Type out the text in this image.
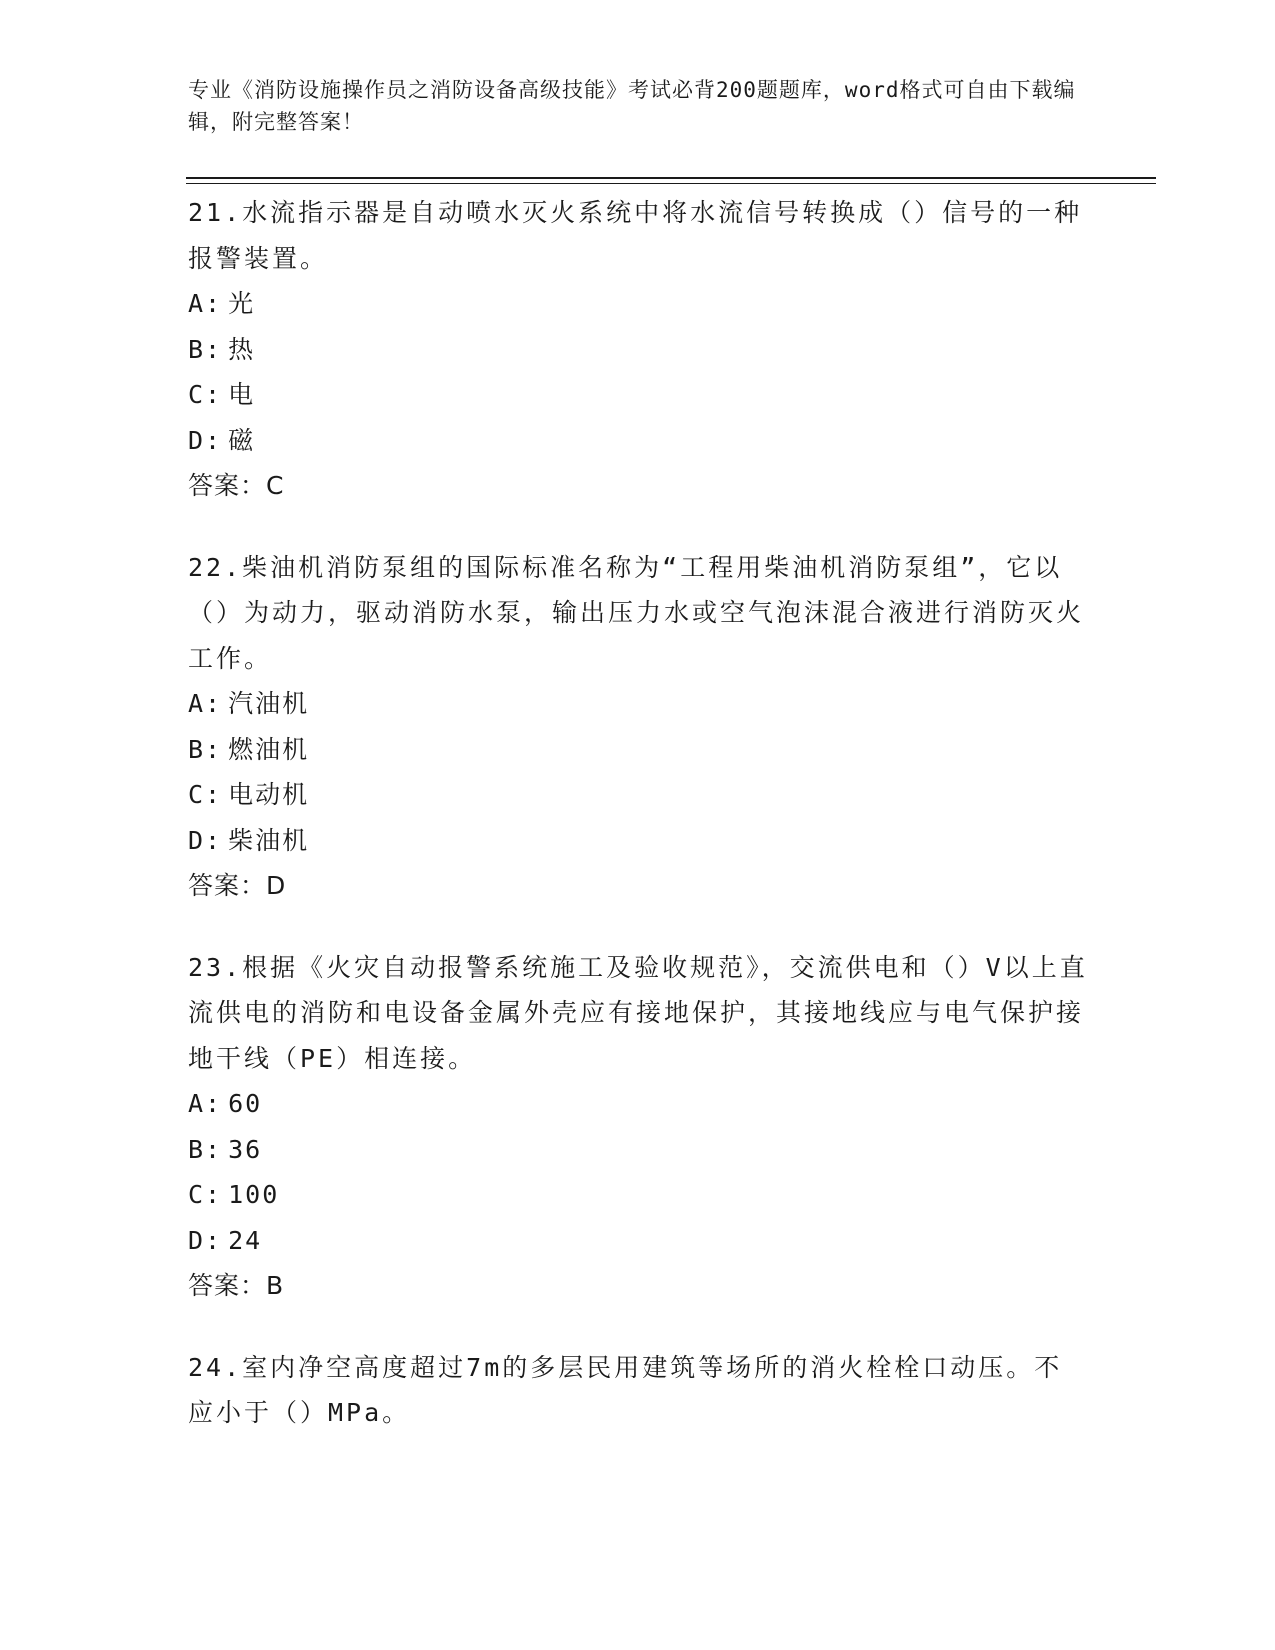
专业《消防设施操作员之消防设备高级技能》考试必背200题题库，word格式可自由下载编辑，附完整答案！
21.水流指示器是自动喷水灭火系统中将水流信号转换成（）信号的一种报警装置。
A: 光
B: 热
C: 电
D: 磁
答案：C
22.柴油机消防泵组的国际标准名称为“工程用柴油机消防泵组”，它以（）为动力，驱动消防水泵，输出压力水或空气泡沫混合液进行消防灭火工作。
A: 汽油机
B: 燃油机
C: 电动机
D: 柴油机
答案：D
23.根据《火灾自动报警系统施工及验收规范》，交流供电和（）V以上直流供电的消防和电设备金属外壳应有接地保护，其接地线应与电气保护接地干线（PE）相连接。
A: 60
B: 36
C: 100
D: 24
答案：B
24.室内净空高度超过7m的多层民用建筑等场所的消火栓栓口动压。不应小于（）MPa。
